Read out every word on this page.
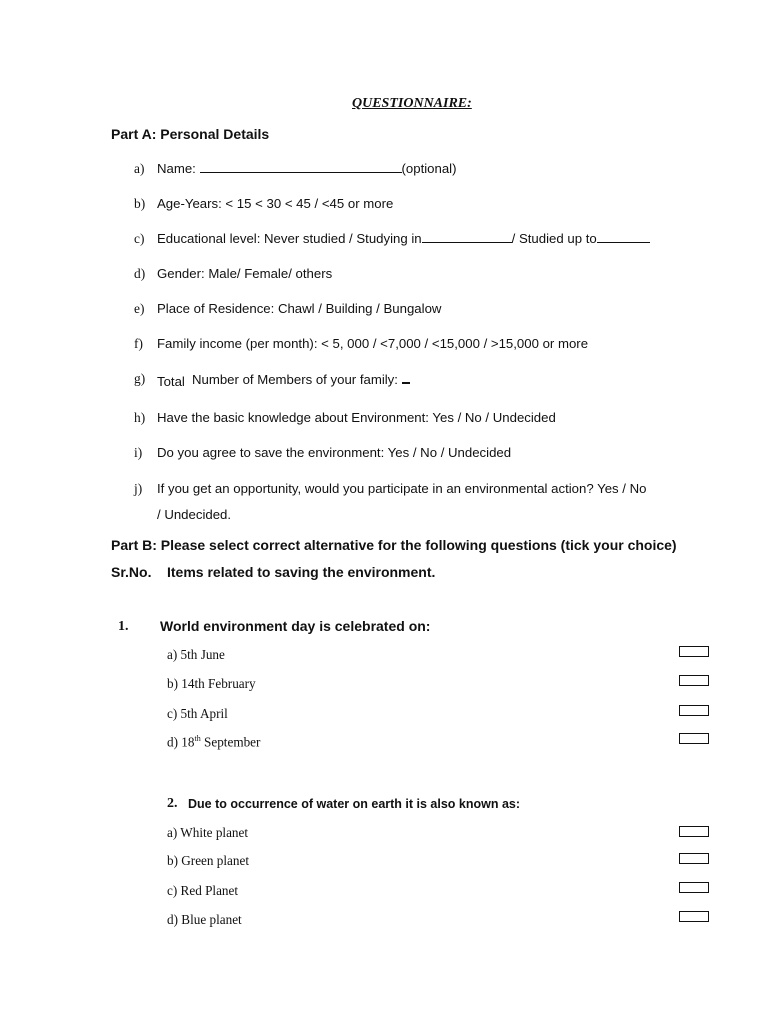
QUESTIONNAIRE:
Part A: Personal Details
a) Name:	(optional)
b) Age-Years: < 15 < 30 < 45 / <45 or more
c) Educational level: Never studied / Studying in	/ Studied up to
d) Gender: Male/ Female/ others
e) Place of Residence: Chawl / Building / Bungalow
f) Family income (per month): < 5, 000 / <7,000 / <15,000 / >15,000 or more
g) Total Number of Members of your family:
h) Have the basic knowledge about Environment: Yes / No / Undecided
i) Do you agree to save the environment: Yes / No / Undecided
j) If you get an opportunity, would you participate in an environmental action? Yes / No
/ Undecided.
Part B: Please select correct alternative for the following questions (tick your choice)
Sr.No. Items related to saving the environment.
1. World environment day is celebrated on:
a) 5th June
b) 14th February
c) 5th April
d) 18th September
2. Due to occurrence of water on earth it is also known as:
a) White planet
b) Green planet
c) Red Planet
d) Blue planet
